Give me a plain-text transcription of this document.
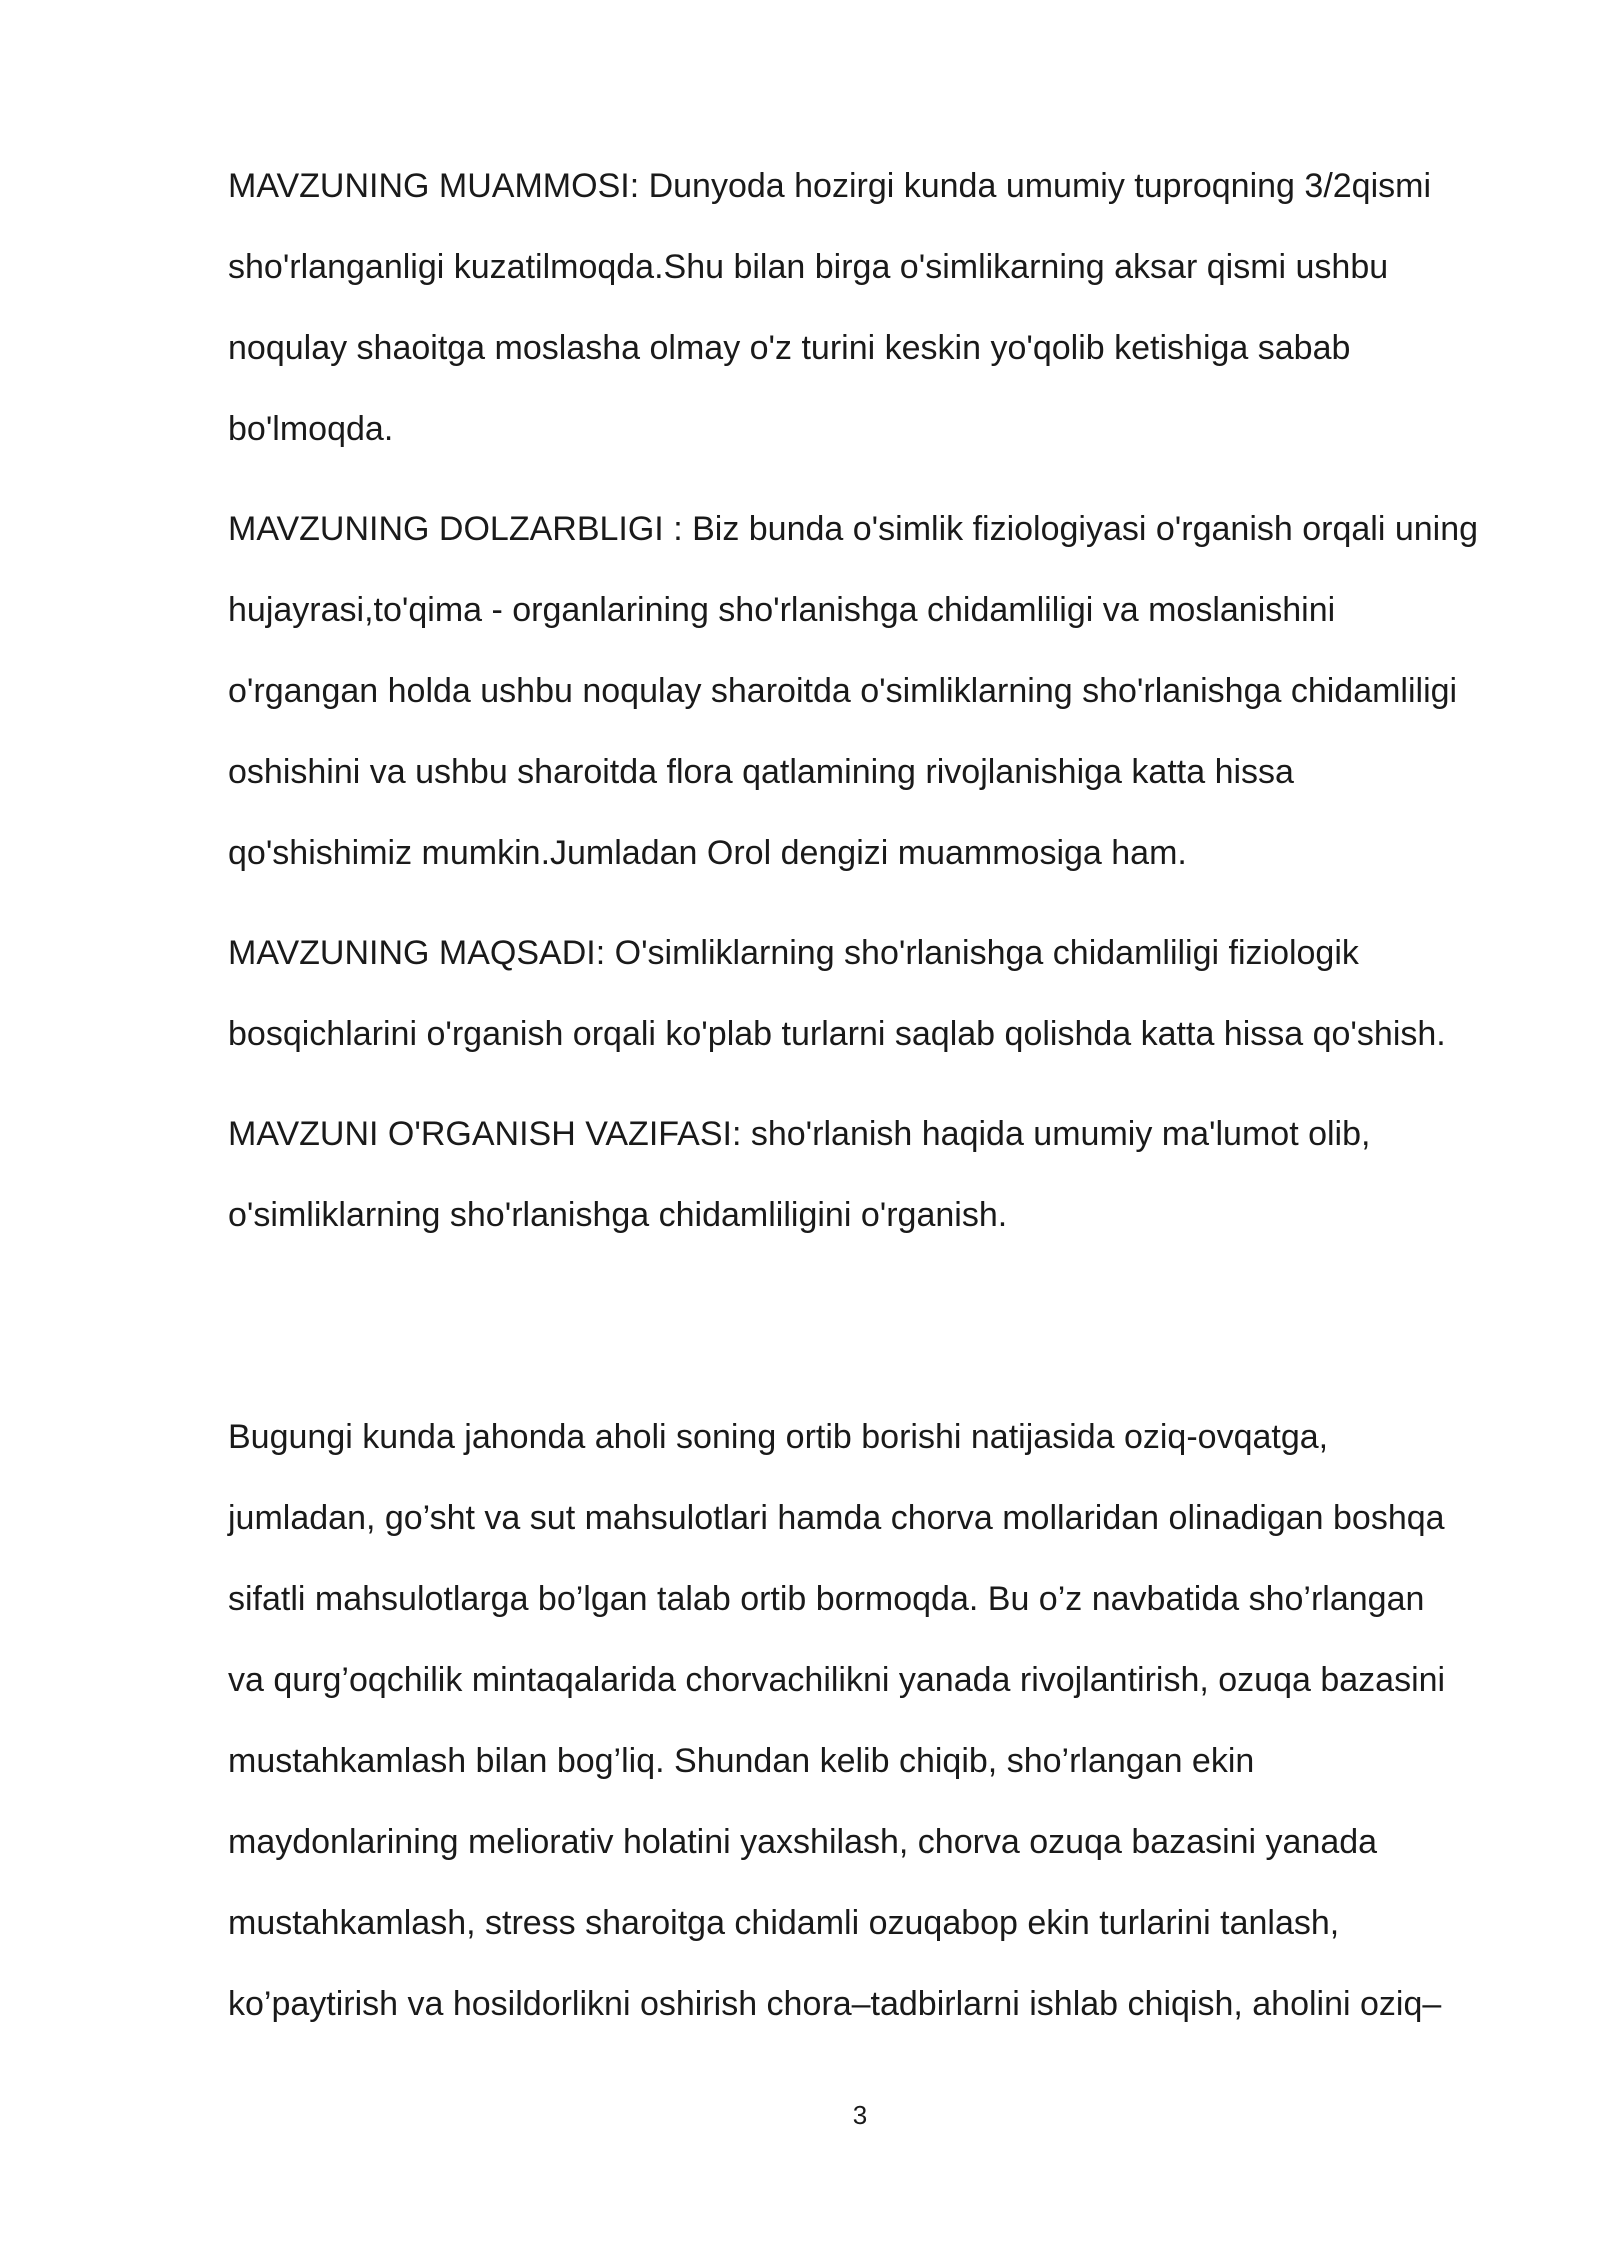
MAVZUNING MUAMMOSI: Dunyoda hozirgi kunda umumiy tuproqning 3/2qismi
sho'rlanganligi kuzatilmoqda.Shu bilan birga o'simlikarning aksar qismi ushbu
noqulay shaoitga moslasha olmay o'z turini keskin yo'qolib ketishiga sabab
bo'lmoqda.

MAVZUNING DOLZARBLIGI : Biz bunda o'simlik fiziologiyasi o'rganish orqali uning
hujayrasi,to'qima - organlarining sho'rlanishga chidamliligi va moslanishini
o'rgangan holda ushbu noqulay sharoitda o'simliklarning sho'rlanishga chidamliligi
oshishini va ushbu sharoitda flora qatlamining rivojlanishiga katta hissa
qo'shishimiz mumkin.Jumladan Orol dengizi muammosiga ham.

MAVZUNING MAQSADI: O'simliklarning sho'rlanishga chidamliligi fiziologik
bosqichlarini o'rganish orqali ko'plab turlarni saqlab qolishda katta hissa qo'shish.

MAVZUNI O'RGANISH VAZIFASI: sho'rlanish haqida umumiy ma'lumot olib,
o'simliklarning sho'rlanishga chidamliligini o'rganish.

Bugungi kunda jahonda aholi soning ortib borishi natijasida oziq-ovqatga,
jumladan, go’sht va sut mahsulotlari hamda chorva mollaridan olinadigan boshqa
sifatli mahsulotlarga bo’lgan talab ortib bormoqda. Bu o’z navbatida sho’rlangan
va qurg’oqchilik mintaqalarida chorvachilikni yanada rivojlantirish, ozuqa bazasini
mustahkamlash bilan bog’liq. Shundan kelib chiqib, sho’rlangan ekin
maydonlarining meliorativ holatini yaxshilash, chorva ozuqa bazasini yanada
mustahkamlash, stress sharoitga chidamli ozuqabop ekin turlarini tanlash,
ko’paytirish va hosildorlikni oshirish chora–tadbirlarni ishlab chiqish, aholini oziq–

3
